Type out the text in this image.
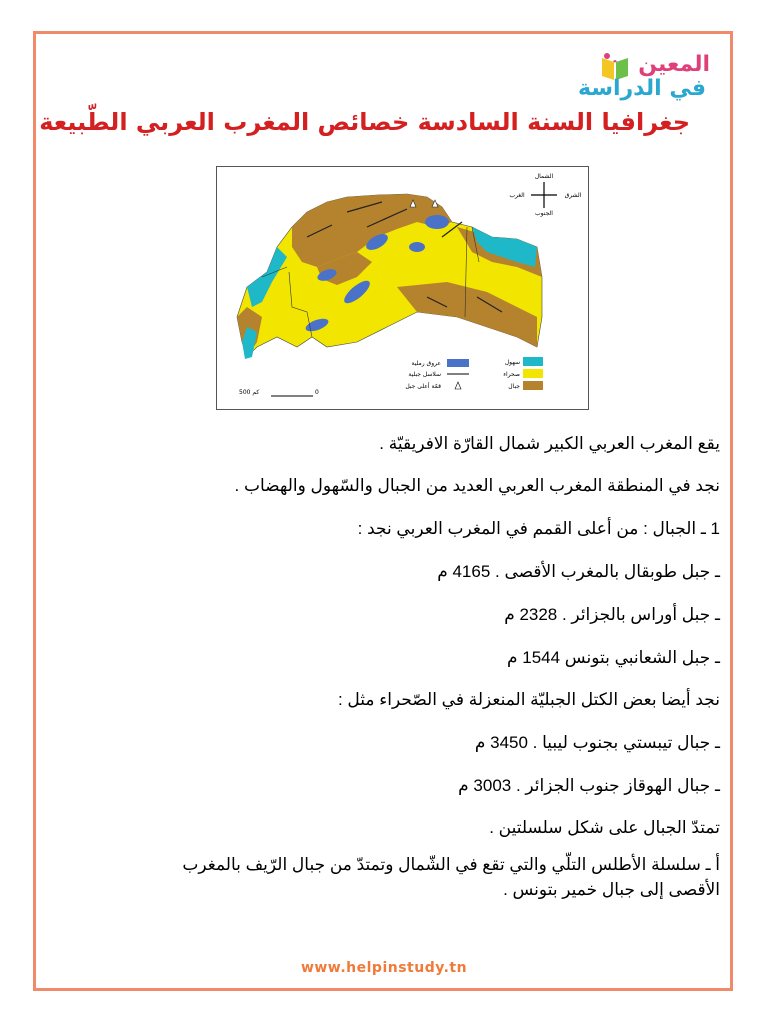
المعين
في الدراسة
جغرافيا السنة السادسة خصائص المغرب العربي الطّبيعة
الشمال
الجنوب
الشرق
الغرب
سهول
صحراء
جبال
عروق رملية
سلاسل جبلية
قمّة أعلى جبل
0
500 كم
يقع المغرب العربي الكبير شمال القارّة الافريقيّة .
نجد في المنطقة المغرب العربي العديد من الجبال والسّهول والهضاب .
1 ـ الجبال : من أعلى القمم في المغرب العربي نجد :
ـ جبل طوبقال بالمغرب الأقصى . 4165 م
ـ جبل أوراس بالجزائر . 2328 م
ـ جبل الشعانبي بتونس 1544 م
نجد أيضا بعض الكتل الجبليّة المنعزلة في الصّحراء مثل :
ـ جبال تيبستي بجنوب ليبيا . 3450 م
ـ جبال الهوقاز جنوب الجزائر . 3003 م
تمتدّ الجبال على شكل سلسلتين .
أ ـ سلسلة الأطلس التلّي والتي تقع في الشّمال وتمتدّ من جبال الرّيف بالمغرب الأقصى إلى جبال خمير بتونس .
www.helpinstudy.tn
